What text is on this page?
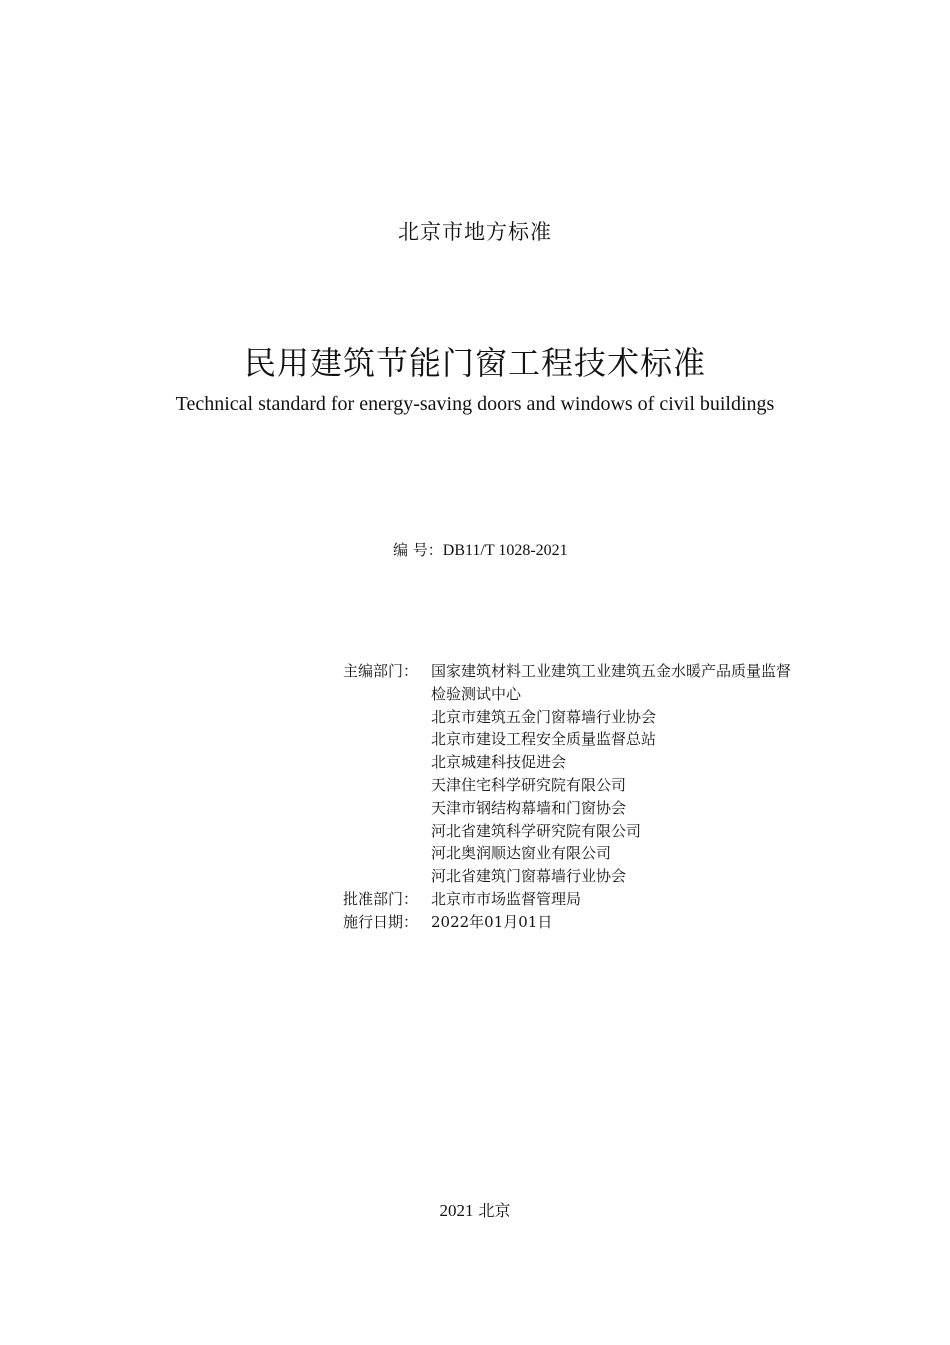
北京市地方标准
民用建筑节能门窗工程技术标准
Technical standard for energy-saving doors and windows of civil buildings
编 号：DB11/T 1028-2021
主编部门： 国家建筑材料工业建筑工业建筑五金水暖产品质量监督
检验测试中心
北京市建筑五金门窗幕墙行业协会
北京市建设工程安全质量监督总站
北京城建科技促进会
天津住宅科学研究院有限公司
天津市钢结构幕墙和门窗协会
河北省建筑科学研究院有限公司
河北奥润顺达窗业有限公司
河北省建筑门窗幕墙行业协会
批准部门： 北京市市场监督管理局
施行日期： 2022年01月01日
2021 北京
